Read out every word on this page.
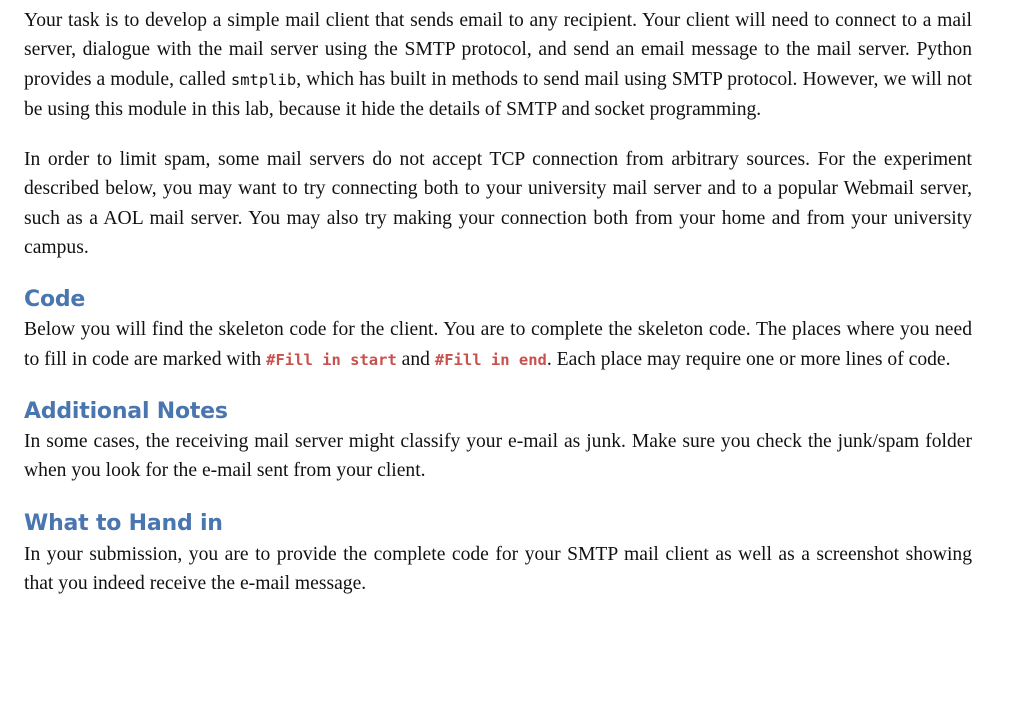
Your task is to develop a simple mail client that sends email to any recipient. Your client will need to connect to a mail server, dialogue with the mail server using the SMTP protocol, and send an email message to the mail server. Python provides a module, called smtplib, which has built in methods to send mail using SMTP protocol. However, we will not be using this module in this lab, because it hide the details of SMTP and socket programming.

In order to limit spam, some mail servers do not accept TCP connection from arbitrary sources. For the experiment described below, you may want to try connecting both to your university mail server and to a popular Webmail server, such as a AOL mail server. You may also try making your connection both from your home and from your university campus.

Code

Below you will find the skeleton code for the client. You are to complete the skeleton code. The places where you need to fill in code are marked with #Fill in start and #Fill in end. Each place may require one or more lines of code.

Additional Notes

In some cases, the receiving mail server might classify your e-mail as junk. Make sure you check the junk/spam folder when you look for the e-mail sent from your client.

What to Hand in

In your submission, you are to provide the complete code for your SMTP mail client as well as a screenshot showing that you indeed receive the e-mail message.
